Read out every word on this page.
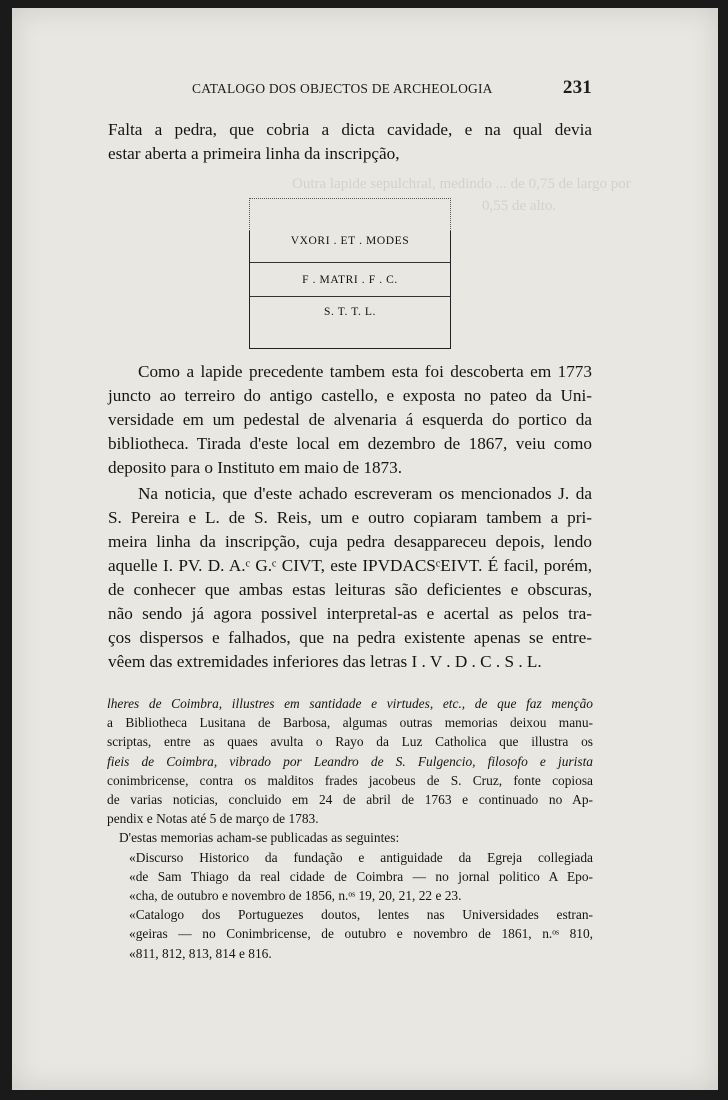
Outra lapide sepulchral, medindo ... de 0,75 de largo por
0,55 de alto.
CATALOGO DOS OBJECTOS DE ARCHEOLOGIA	231
Falta a pedra, que cobria a dicta cavidade, e na qual devia
estar aberta a primeira linha da inscripção,
VXORI . ET . MODES
F . MATRI . F . C.
S. T. T. L.
Como a lapide precedente tambem esta foi descoberta em 1773
juncto ao terreiro do antigo castello, e exposta no pateo da Uni-
versidade em um pedestal de alvenaria á esquerda do portico da
bibliotheca. Tirada d'este local em dezembro de 1867, veiu como
deposito para o Instituto em maio de 1873.
Na noticia, que d'este achado escreveram os mencionados J. da
S. Pereira e L. de S. Reis, um e outro copiaram tambem a pri-
meira linha da inscripção, cuja pedra desappareceu depois, lendo
aquelle I. PV. D. A.ᶜ G.ᶜ CIVT, este IPVDACSᶜEIVT. É facil, porém,
de conhecer que ambas estas leituras são deficientes e obscuras,
não sendo já agora possivel interpretal-as e acertal as pelos tra-
ços dispersos e falhados, que na pedra existente apenas se entre-
vêem das extremidades inferiores das letras I . V . D . C . S . L.
lheres de Coimbra, illustres em santidade e virtudes, etc., de que faz menção
a Bibliotheca Lusitana de Barbosa, algumas outras memorias deixou manu-
scriptas, entre as quaes avulta o Rayo da Luz Catholica que illustra os
fieis de Coimbra, vibrado por Leandro de S. Fulgencio, filosofo e jurista
conimbricense, contra os malditos frades jacobeus de S. Cruz, fonte copiosa
de varias noticias, concluido em 24 de abril de 1763 e continuado no Ap-
pendix e Notas até 5 de março de 1783.
D'estas memorias acham-se publicadas as seguintes:
«Discurso Historico da fundação e antiguidade da Egreja collegiada
«de Sam Thiago da real cidade de Coimbra — no jornal politico A Epo-
«cha, de outubro e novembro de 1856, n.ᵒˢ 19, 20, 21, 22 e 23.
«Catalogo dos Portuguezes doutos, lentes nas Universidades estran-
«geiras — no Conimbricense, de outubro e novembro de 1861, n.ᵒˢ 810,
«811, 812, 813, 814 e 816.
